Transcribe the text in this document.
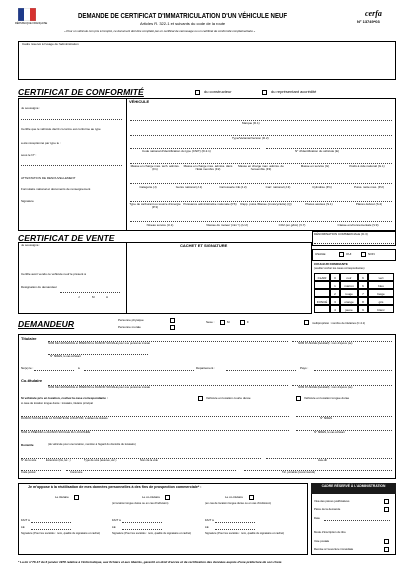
RÉPUBLIQUE FRANÇAISE
DEMANDE DE CERTIFICAT D'IMMATRICULATION D'UN VÉHICULE NEUF
Articles R. 322-1 et suivants du code de la route
« Pour un véhicule non pris à l'emploi, ce document doit être complété par un certificat de carrossage ou un certificat de conformité complémentaire »
cerfa
N° 13749*03
Cadre réservé à l'usage de l'administration
CERTIFICAT DE CONFORMITÉ	du constructeur	du représentant accrédité
Je soussigné :
Certifie que le véhicule décrit ci-contre est conforme au type
a été réceptionné par type le :
sous le N° :
ATTESTATION DE RENOUVELLEMENT
Formulaire national et documents de renseignement
Signature
VÉHICULE
Marque (D.1)
Type/Variante/Version (D.2)
Code national d'identification du type (CNIT) (D.2.1)	N° d'identification du véhicule (E)
Masse en charge max. tech. admiss. (F1)
Masse en charge max. admiss. dans l'Etat membre (F2)
Masse en charge max. admiss. de l'ensemble (F3)
Masse en service (G)	Poids à vide national (G.1)
Catégorie (J)	Genre national (J.1)	Carrosserie CE (J.2)	Carr. national (J.3)	Cylindrée (P.1)	Puiss. nette max. (P.2)
Type de carburant ou source d'énergie (P.3)
Puissance administrative nationale (P.6)	Rapp. puiss./Masse (motocyclette) (Q)	Places assises (S.1)	Places debout (S.2)
Niveau sonore (U.1)	Vitesse du moteur (min⁻¹) (U.2)	CO2 (en g/km) (V.7)	Classe environnementale (V.9)
CERTIFICAT DE VENTE
Je soussigné :
Certifie avoir vendu ce véhicule neuf le présent à
Désignation du demandeur
J	M	A
CACHET ET SIGNATURE
DÉNOMINATION COMMERCIALE (D.3)
USAGE	OUI	NON
COULEUR DOMINANTE
(veuillez cocher les cases correspondantes)
CLAIR	0	noir	6	vert
1	marron	6	bleu
2	rouge	7	beige
FONCÉ	3	orange	8	gris
4	jaune	9	blanc
DEMANDEUR	Personne physique
Personne morale
Sexe :	M	F	multipropriété : nombre de titulaires (C.4.1)
Titulaire
NOM DE NAISSANCE et PRÉNOM ou RAISON SOCIALE pour une personne morale	NOM D'USAGE (facultatif) : nom d'époux (se)
N° SIREN, le cas échéant
Né(e) le :	à	Département :	Pays :
Co-titulaire
NOM DE NAISSANCE et PRÉNOM ou RAISON SOCIALE pour une personne morale	NOM D'USAGE (facultatif) : nom d'époux (se)
Si véhicule pris en location, cochez la case correspondante :	Véhicule en location courte durée	Véhicule en location longue durée
si case de location longue durée : locataire, titulaire principal
RAISON SOCIALE DE LA SOCIÉTÉ DE LOCATION, à défaut de titulaire	N° SIREN
NOM et PRÉNOM ou RAISON SOCIALE DU LOCATAIRE	N° SIREN, le cas échéant
Domicile	(du véhicule pour une location, mention à l'égard du domicile du locataire)
N° de la voie	Extension (bis, ter...)	Type de voie (avenue, etc.)	Nom de la voie	Lieu-dit
Code postal	Commune	Tél. portable (recommandé)
Je m'oppose à la réutilisation de mes données personnelles à des fins de prospection commerciale* :
Le titulaire
FAIT à
LE
Signature (Pour les sociétés : nom, qualité du signataire et cachet)
Le co-titulaire
(si location longue durée ou en cas d'indivision)
FAIT à
LE
Signature (Pour les sociétés : nom, qualité du signataire et cachet)
Le co-titulaire
(en cas de location longue durée ou en cas d'indivision)
FAIT à
LE
Signature (Pour les sociétés : nom, qualité du signataire et cachet)
CADRE RÉSERVÉ À L'ADMINISTRATION
Visa des pièces justificatives
Pièce de la demande
Date
Mode d'inscription du titre
Voie postale
Remise à l'ouverture immédiate
* La loi n°78-17 du 6 janvier 1978 relative à l'informatique, aux fichiers et aux libertés, garantit un droit d'accès et de rectification des données auprès d'une préfecture de son choix.
